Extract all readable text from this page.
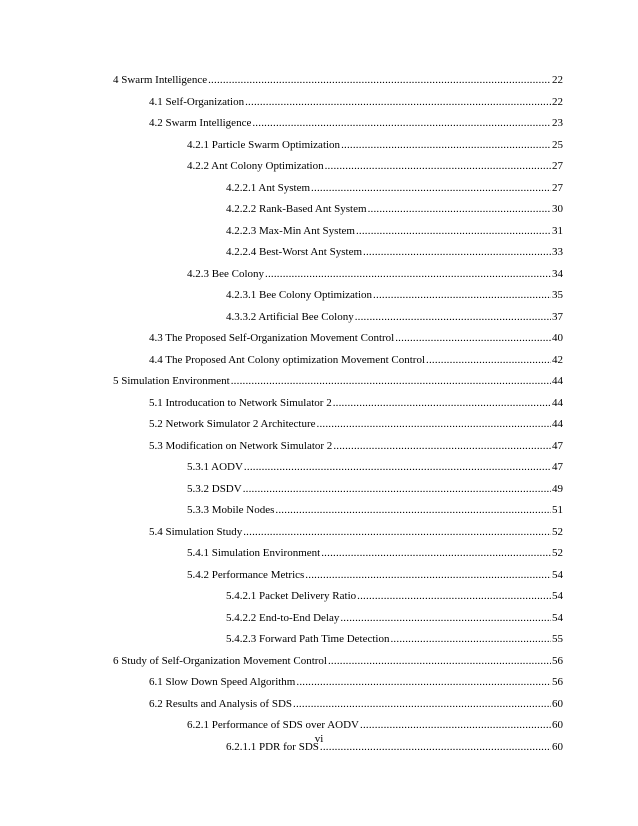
4 Swarm Intelligence .....	22
4.1 Self-Organization .....	22
4.2 Swarm Intelligence .....	23
4.2.1 Particle Swarm Optimization .....	25
4.2.2 Ant Colony Optimization .....	27
4.2.2.1 Ant System .....	27
4.2.2.2 Rank-Based Ant System .....	30
4.2.2.3 Max-Min Ant System .....	31
4.2.2.4 Best-Worst Ant System .....	33
4.2.3 Bee Colony .....	34
4.2.3.1 Bee Colony Optimization .....	35
4.3.3.2 Artificial Bee Colony .....	37
4.3 The Proposed Self-Organization Movement Control .....	40
4.4 The Proposed Ant Colony optimization Movement Control .....	42
5 Simulation Environment .....	44
5.1 Introducation to Network Simulator 2 .....	44
5.2 Network Simulator 2 Architecture .....	44
5.3 Modification on Network Simulator 2 .....	47
5.3.1 AODV .....	47
5.3.2 DSDV .....	49
5.3.3 Mobile Nodes .....	51
5.4 Simulation Study .....	52
5.4.1 Simulation Environment .....	52
5.4.2 Performance Metrics .....	54
5.4.2.1 Packet Delivery Ratio .....	54
5.4.2.2 End-to-End Delay .....	54
5.4.2.3 Forward Path Time Detection .....	55
6 Study of Self-Organization Movement Control .....	56
6.1 Slow Down Speed Algorithm .....	56
6.2 Results and Analysis of SDS .....	60
6.2.1 Performance of SDS over AODV .....	60
6.2.1.1 PDR for SDS .....	60
vi
